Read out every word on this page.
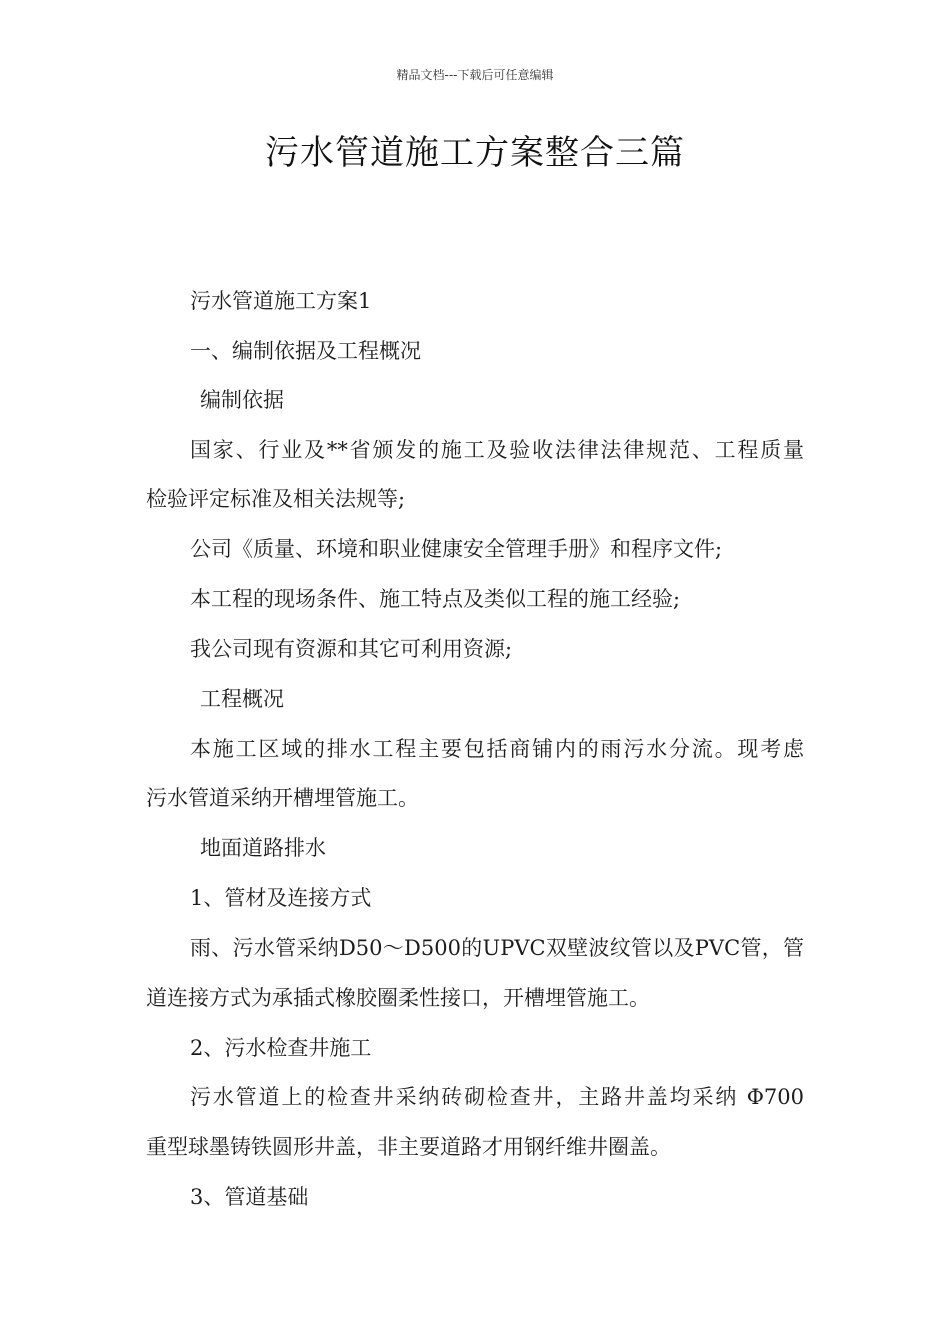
精品文档---下载后可任意编辑
污水管道施工方案整合三篇
污水管道施工方案1
一、编制依据及工程概况
编制依据
国家、行业及**省颁发的施工及验收法律法律规范、工程质量
检验评定标准及相关法规等;
公司《质量、环境和职业健康安全管理手册》和程序文件;
本工程的现场条件、施工特点及类似工程的施工经验;
我公司现有资源和其它可利用资源;
工程概况
本施工区域的排水工程主要包括商铺内的雨污水分流。现考虑
污水管道采纳开槽埋管施工。
地面道路排水
1、管材及连接方式
雨、污水管采纳D50～D500的UPVC双壁波纹管以及PVC管，管
道连接方式为承插式橡胶圈柔性接口，开槽埋管施工。
2、污水检查井施工
污水管道上的检查井采纳砖砌检查井，主路井盖均采纳 Φ700
重型球墨铸铁圆形井盖，非主要道路才用钢纤维井圈盖。
3、管道基础
